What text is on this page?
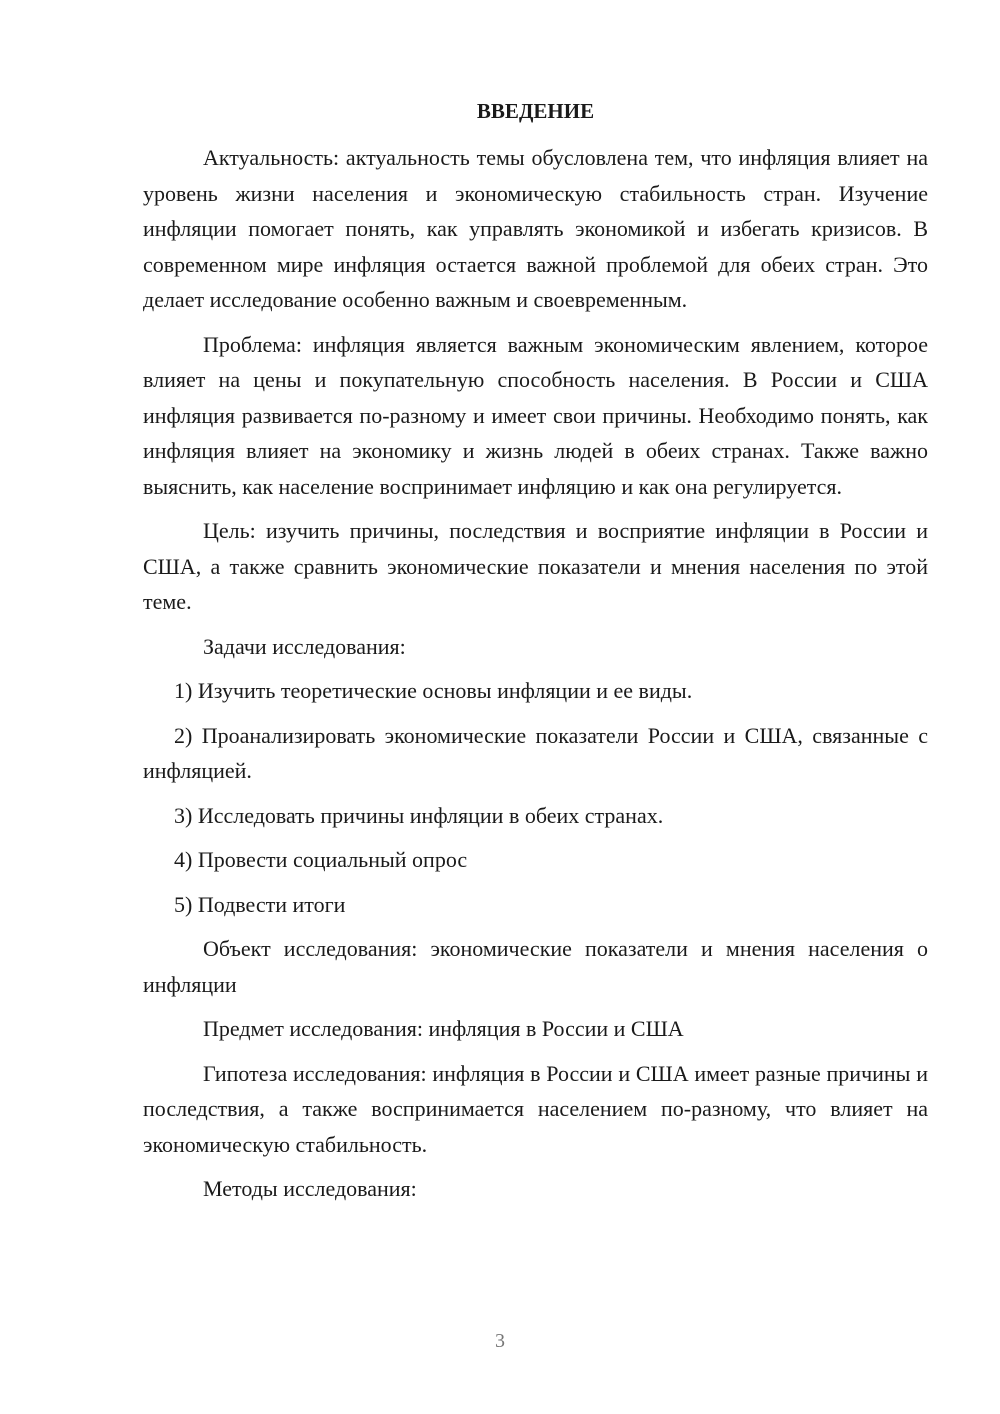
ВВЕДЕНИЕ

Актуальность: актуальность темы обусловлена тем, что инфляция влияет на уровень жизни населения и экономическую стабильность стран. Изучение инфляции помогает понять, как управлять экономикой и избегать кризисов. В современном мире инфляция остается важной проблемой для обеих стран. Это делает исследование особенно важным и своевременным.

Проблема: инфляция является важным экономическим явлением, которое влияет на цены и покупательную способность населения. В России и США инфляция развивается по-разному и имеет свои причины. Необходимо понять, как инфляция влияет на экономику и жизнь людей в обеих странах. Также важно выяснить, как население воспринимает инфляцию и как она регулируется.

Цель: изучить причины, последствия и восприятие инфляции в России и США, а также сравнить экономические показатели и мнения населения по этой теме.

Задачи исследования:

1) Изучить теоретические основы инфляции и ее виды.

2) Проанализировать экономические показатели России и США, связанные с инфляцией.

3) Исследовать причины инфляции в обеих странах.

4) Провести социальный опрос

5) Подвести итоги

Объект исследования: экономические показатели и мнения населения о инфляции

Предмет исследования: инфляция в России и США

Гипотеза исследования: инфляция в России и США имеет разные причины и последствия, а также воспринимается населением по-разному, что влияет на экономическую стабильность.

Методы исследования:

3
